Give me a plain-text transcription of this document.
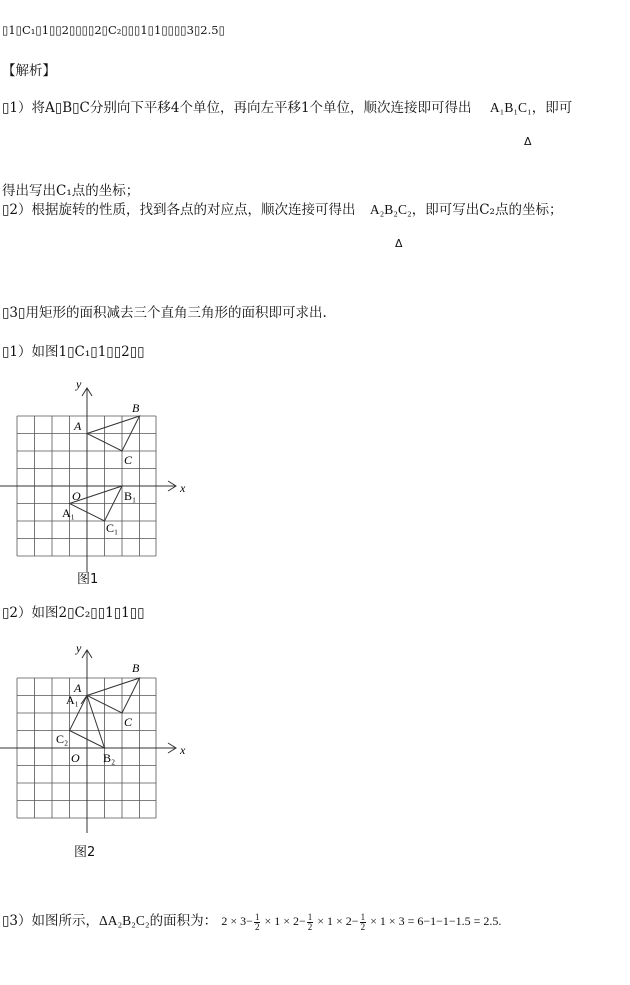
▯1▯C₁▯1▯▯2▯▯▯▯2▯C₂▯▯▯1▯1▯▯▯▯3▯2.5▯
【解析】
▯1）将A▯B▯C分别向下平移4个单位，再向左平移1个单位，顺次连接即可得出 A₁B₁C₁，即可
Δ
得出写出C₁点的坐标；
▯2）根据旋转的性质，找到各点的对应点，顺次连接可得出 A₂B₂C₂，即可写出C₂点的坐标；
Δ
▯3▯用矩形的面积减去三个直角三角形的面积即可求出.
▯1）如图1▯C₁▯1▯▯2▯▯
y
x
O
A
B
C
A₁
B₁
C₁
图1
▯2）如图2▯C₂▯▯1▯1▯▯
y
x
O
A
B
C
A₁
B₂
C₂
图2
▯3）如图所示，ΔA₂B₂C₂的面积为： $2 \times 3- \frac{1}{2} \times 1 \times 2- \frac{1}{2} \times 1 \times 2- \frac{1}{2} \times 1 \times 3 = 6-1-1-1.5 = 2.5$.
